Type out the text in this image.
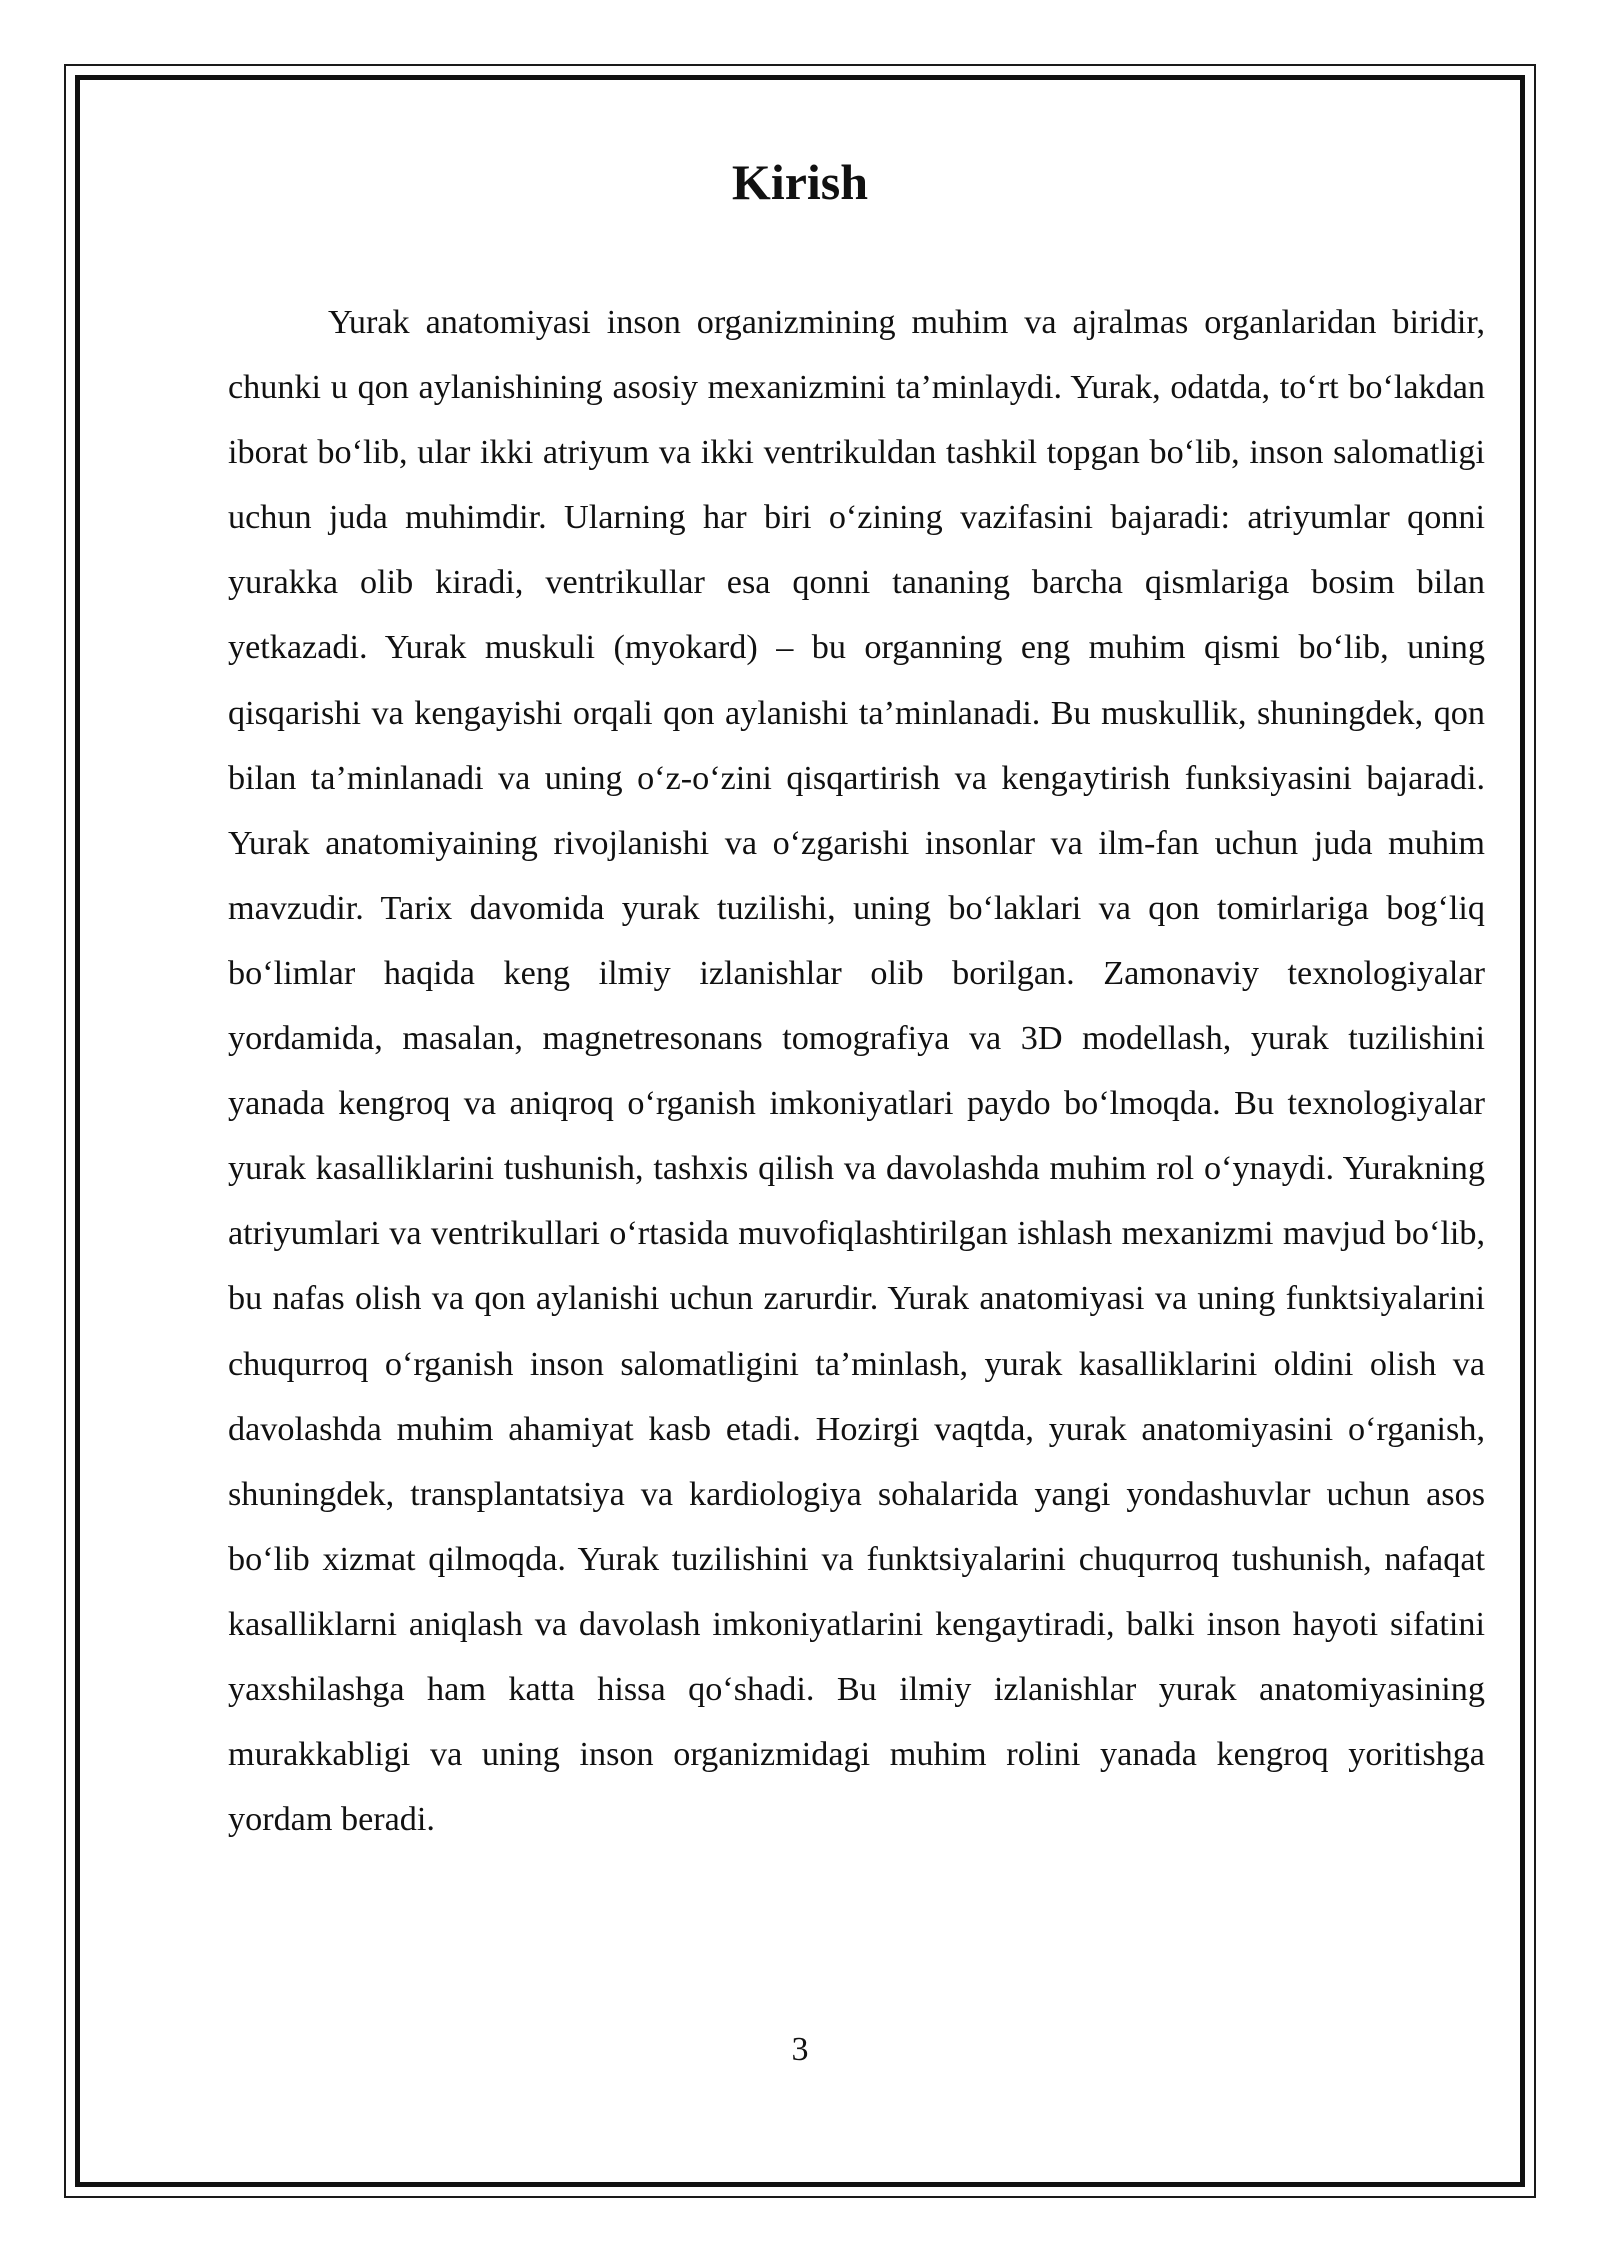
Kirish

Yurak anatomiyasi inson organizmining muhim va ajralmas organlaridan biridir, chunki u qon aylanishining asosiy mexanizmini ta’minlaydi. Yurak, odatda, to‘rt bo‘lakdan iborat bo‘lib, ular ikki atriyum va ikki ventrikuldan tashkil topgan bo‘lib, inson salomatligi uchun juda muhimdir. Ularning har biri o‘zining vazifasini bajaradi: atriyumlar qonni yurakka olib kiradi, ventrikullar esa qonni tananing barcha qismlariga bosim bilan yetkazadi. Yurak muskuli (myokard) – bu organning eng muhim qismi bo‘lib, uning qisqarishi va kengayishi orqali qon aylanishi ta’minlanadi. Bu muskullik, shuningdek, qon bilan ta’minlanadi va uning o‘z-o‘zini qisqartirish va kengaytirish funksiyasini bajaradi. Yurak anatomiyaining rivojlanishi va o‘zgarishi insonlar va ilm-fan uchun juda muhim mavzudir. Tarix davomida yurak tuzilishi, uning bo‘laklari va qon tomirlariga bog‘liq bo‘limlar haqida keng ilmiy izlanishlar olib borilgan. Zamonaviy texnologiyalar yordamida, masalan, magnetresonans tomografiya va 3D modellash, yurak tuzilishini yanada kengroq va aniqroq o‘rganish imkoniyatlari paydo bo‘lmoqda. Bu texnologiyalar yurak kasalliklarini tushunish, tashxis qilish va davolashda muhim rol o‘ynaydi. Yurakning atriyumlari va ventrikullari o‘rtasida muvofiqlashtirilgan ishlash mexanizmi mavjud bo‘lib, bu nafas olish va qon aylanishi uchun zarurdir. Yurak anatomiyasi va uning funktsiyalarini chuqurroq o‘rganish inson salomatligini ta’minlash, yurak kasalliklarini oldini olish va davolashda muhim ahamiyat kasb etadi. Hozirgi vaqtda, yurak anatomiyasini o‘rganish, shuningdek, transplantatsiya va kardiologiya sohalarida yangi yondashuvlar uchun asos bo‘lib xizmat qilmoqda. Yurak tuzilishini va funktsiyalarini chuqurroq tushunish, nafaqat kasalliklarni aniqlash va davolash imkoniyatlarini kengaytiradi, balki inson hayoti sifatini yaxshilashga ham katta hissa qo‘shadi. Bu ilmiy izlanishlar yurak anatomiyasining murakkabligi va uning inson organizmidagi muhim rolini yanada kengroq yoritishga yordam beradi.

3
